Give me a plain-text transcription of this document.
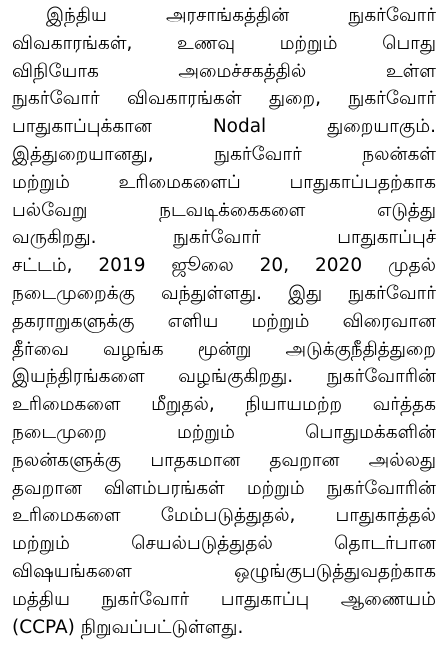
இந்திய அரசாங்கத்தின் நுகர்வோர்
விவகாரங்கள், உணவு மற்றும் பொது
விநியோக அமைச்சகத்தில் உள்ள
நுகர்வோர் விவகாரங்கள் துறை, நுகர்வோர்
பாதுகாப்புக்கான Nodal துறையாகும்.
இத்துறையானது, நுகர்வோர் நலன்கள்
மற்றும் உரிமைகளைப் பாதுகாப்பதற்காக
பல்வேறு நடவடிக்கைகளை எடுத்து
வருகிறது. நுகர்வோர் பாதுகாப்புச்
சட்டம், 2019 ஜூலை 20, 2020 முதல்
நடைமுறைக்கு வந்துள்ளது. இது நுகர்வோர்
தகராறுகளுக்கு எளிய மற்றும் விரைவான
தீர்வை வழங்க மூன்று அடுக்குநீதித்துறை
இயந்திரங்களை வழங்குகிறது. நுகர்வோரின்
உரிமைகளை மீறுதல், நியாயமற்ற வர்த்தக
நடைமுறை மற்றும் பொதுமக்களின்
நலன்களுக்கு பாதகமான தவறான அல்லது
தவறான விளம்பரங்கள் மற்றும் நுகர்வோரின்
உரிமைகளை மேம்படுத்துதல், பாதுகாத்தல்
மற்றும் செயல்படுத்துதல் தொடர்பான
விஷயங்களை ஒழுங்குபடுத்துவதற்காக
மத்திய நுகர்வோர் பாதுகாப்பு ஆணையம்
(CCPA) நிறுவப்பட்டுள்ளது.
